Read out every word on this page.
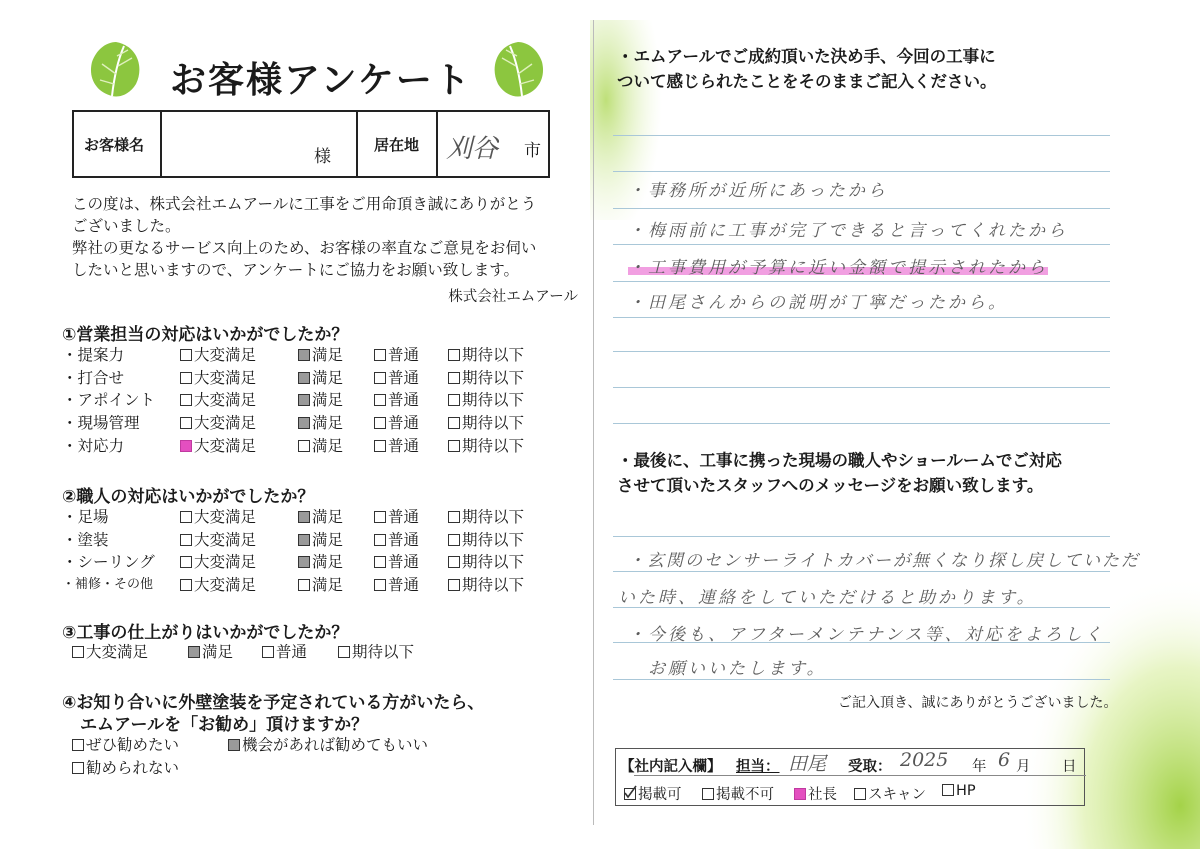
お客様アンケート
お客様名
様
居在地 刈谷 市
この度は、株式会社エムアールに工事をご用命頂き誠にありがとう
ございました。
弊社の更なるサービス向上のため、お客様の率直なご意見をお伺い
したいと思いますので、アンケートにご協力をお願い致します。
株式会社エムアール
①営業担当の対応はいかがでしたか？
・提案力	大変満足	満足	普通	期待以下
・打合せ	大変満足	満足	普通	期待以下
・アポイント	大変満足	満足	普通	期待以下
・現場管理	大変満足	満足	普通	期待以下
・対応力	大変満足	満足	普通	期待以下
②職人の対応はいかがでしたか？
・足場	大変満足	満足	普通	期待以下
・塗装	大変満足	満足	普通	期待以下
・シーリング	大変満足	満足	普通	期待以下
・補修・その他	大変満足	満足	普通	期待以下
③工事の仕上がりはいかがでしたか？
大変満足	満足	普通	期待以下
④お知り合いに外壁塗装を予定されている方がいたら、
エムアールを「お勧め」頂けますか？
ぜひ勧めたい	機会があれば勧めてもいい
勧められない
・エムアールでご成約頂いた決め手、今回の工事に
ついて感じられたことをそのままご記入ください。
・事務所が近所にあったから
・梅雨前に工事が完了できると言ってくれたから
・工事費用が予算に近い金額で提示されたから
・田尾さんからの説明が丁寧だったから。
・最後に、工事に携った現場の職人やショールームでご対応
させて頂いたスタッフへのメッセージをお願い致します。
・玄関のセンサーライトカバーが無くなり探し戻していただ
いた時、連絡をしていただけると助かります。
・今後も、アフターメンテナンス等、対応をよろしく
お願いいたします。
ご記入頂き、誠にありがとうございました。
【社内記入欄】 担当： 田尾 受取： 2025 年 6 月 日
掲載可	掲載不可	社長	スキャン	HP
